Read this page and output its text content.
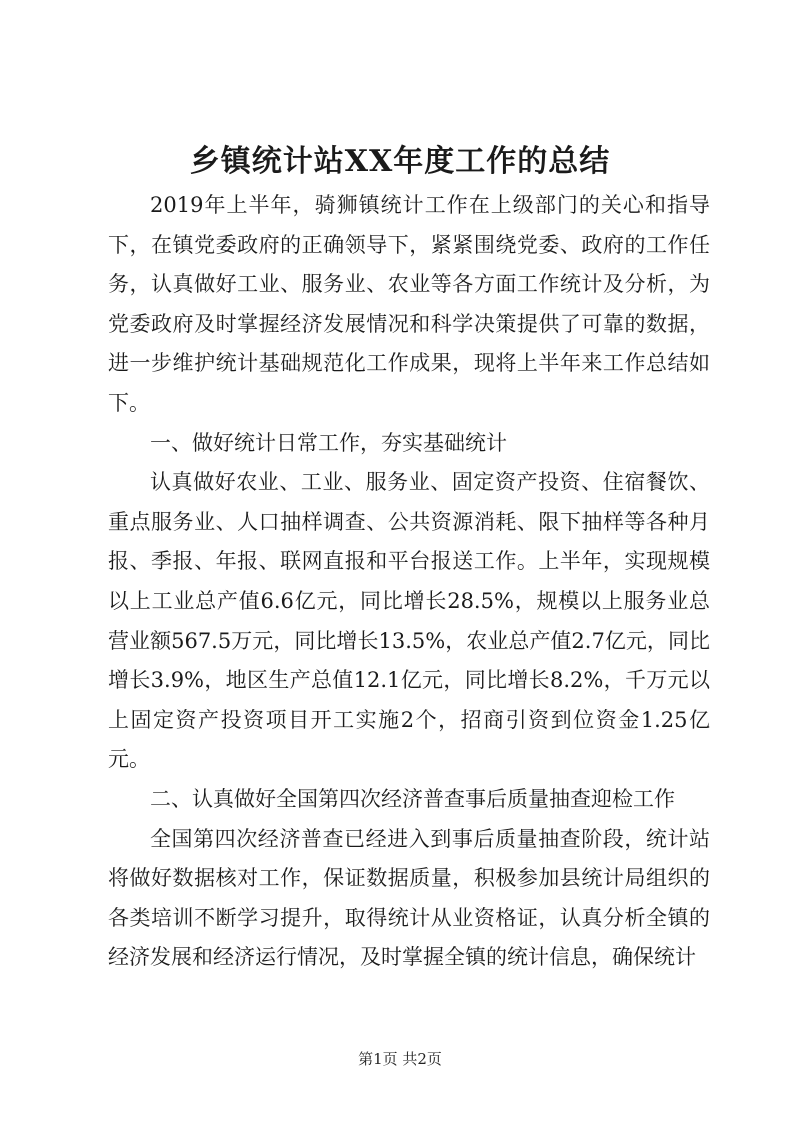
乡镇统计站XX年度工作的总结

2019年上半年，骑狮镇统计工作在上级部门的关心和指导下，在镇党委政府的正确领导下，紧紧围绕党委、政府的工作任务，认真做好工业、服务业、农业等各方面工作统计及分析，为党委政府及时掌握经济发展情况和科学决策提供了可靠的数据，进一步维护统计基础规范化工作成果，现将上半年来工作总结如下。

一、做好统计日常工作，夯实基础统计

认真做好农业、工业、服务业、固定资产投资、住宿餐饮、重点服务业、人口抽样调查、公共资源消耗、限下抽样等各种月报、季报、年报、联网直报和平台报送工作。上半年，实现规模以上工业总产值6.6亿元，同比增长28.5%，规模以上服务业总营业额567.5万元，同比增长13.5%，农业总产值2.7亿元，同比增长3.9%，地区生产总值12.1亿元，同比增长8.2%，千万元以上固定资产投资项目开工实施2个，招商引资到位资金1.25亿元。

二、认真做好全国第四次经济普查事后质量抽查迎检工作

全国第四次经济普查已经进入到事后质量抽查阶段，统计站将做好数据核对工作，保证数据质量，积极参加县统计局组织的各类培训不断学习提升，取得统计从业资格证，认真分析全镇的经济发展和经济运行情况，及时掌握全镇的统计信息，确保统计

第1页 共2页
